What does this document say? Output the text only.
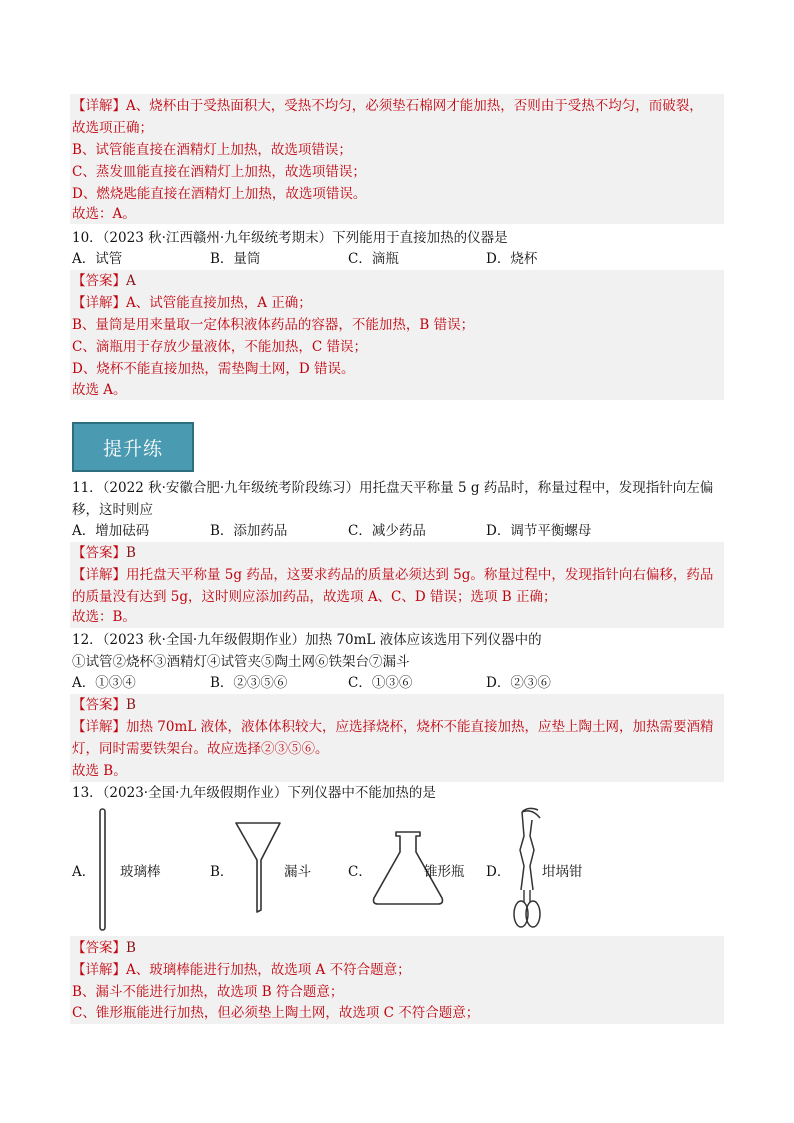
【详解】A、烧杯由于受热面积大，受热不均匀，必须垫石棉网才能加热，否则由于受热不均匀，而破裂，
故选项正确；
B、试管能直接在酒精灯上加热，故选项错误；
C、蒸发皿能直接在酒精灯上加热，故选项错误；
D、燃烧匙能直接在酒精灯上加热，故选项错误。
故选：A。
10．（2023 秋·江西赣州·九年级统考期末）下列能用于直接加热的仪器是
A．试管	B．量筒	C．滴瓶	D．烧杯
【答案】A
【详解】A、试管能直接加热，A 正确；
B、量筒是用来量取一定体积液体药品的容器，不能加热，B 错误；
C、滴瓶用于存放少量液体，不能加热，C 错误；
D、烧杯不能直接加热，需垫陶土网，D 错误。
故选 A。
提升练
11．（2022 秋·安徽合肥·九年级统考阶段练习）用托盘天平称量 5 g 药品时，称量过程中，发现指针向左偏
移，这时则应
A．增加砝码	B．添加药品	C．减少药品	D．调节平衡螺母
【答案】B
【详解】用托盘天平称量 5g 药品，这要求药品的质量必须达到 5g。称量过程中，发现指针向右偏移，药品
的质量没有达到 5g，这时则应添加药品，故选项 A、C、D 错误；选项 B 正确；
故选：B。
12．（2023 秋·全国·九年级假期作业）加热 70mL 液体应该选用下列仪器中的
①试管②烧杯③酒精灯④试管夹⑤陶土网⑥铁架台⑦漏斗
A．①③④	B．②③⑤⑥	C．①③⑥	D．②③⑥
【答案】B
【详解】加热 70mL 液体，液体体积较大，应选择烧杯，烧杯不能直接加热，应垫上陶土网，加热需要酒精
灯，同时需要铁架台。故应选择②③⑤⑥。
故选 B。
13．（2023·全国·九年级假期作业）下列仪器中不能加热的是
A． 玻璃棒	B．	漏斗	C．	锥形瓶 D． 坩埚钳
【答案】B
【详解】A、玻璃棒能进行加热，故选项 A 不符合题意；
B、漏斗不能进行加热，故选项 B 符合题意；
C、锥形瓶能进行加热，但必须垫上陶土网，故选项 C 不符合题意；
